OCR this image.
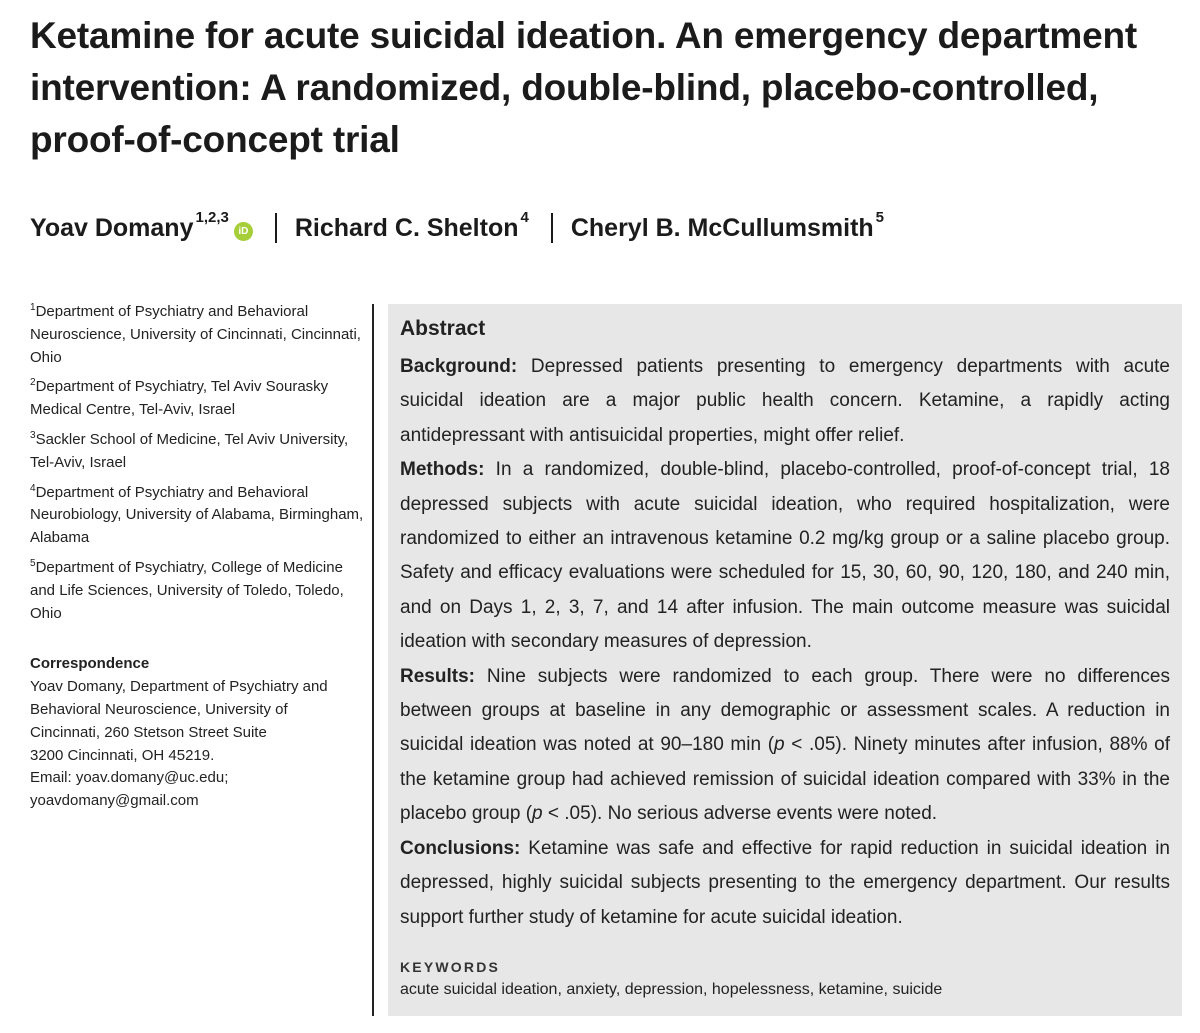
Ketamine for acute suicidal ideation. An emergency department intervention: A randomized, double-blind, placebo-controlled, proof-of-concept trial
Yoav Domany$^{1,2,3}$
iD Richard C. Shelton$^4$ Cheryl B. McCullumsmith$^5$

$^1$Department of Psychiatry and Behavioral Neuroscience, University of Cincinnati, Cincinnati, Ohio

$^2$Department of Psychiatry, Tel Aviv Sourasky Medical Centre, Tel-Aviv, Israel

$^3$Sackler School of Medicine, Tel Aviv University, Tel-Aviv, Israel

$^4$Department of Psychiatry and Behavioral Neurobiology, University of Alabama, Birmingham, Alabama

$^5$Department of Psychiatry, College of Medicine and Life Sciences, University of Toledo, Toledo, Ohio

Correspondence
Yoav Domany, Department of Psychiatry and
Behavioral Neuroscience, University of
Cincinnati, 260 Stetson Street Suite
3200 Cincinnati, OH 45219.
Email: yoav.domany@uc.edu;
yoavdomany@gmail.com
Abstract

Background: Depressed patients presenting to emergency departments with acute suicidal ideation are a major public health concern. Ketamine, a rapidly acting antidepressant with antisuicidal properties, might offer relief.

Methods: In a randomized, double-blind, placebo-controlled, proof-of-concept trial, 18 depressed subjects with acute suicidal ideation, who required hospitalization, were randomized to either an intravenous ketamine 0.2 mg/kg group or a saline placebo group. Safety and efficacy evaluations were scheduled for 15, 30, 60, 90, 120, 180, and 240 min, and on Days 1, 2, 3, 7, and 14 after infusion. The main outcome measure was suicidal ideation with secondary measures of depression.

Results: Nine subjects were randomized to each group. There were no differences between groups at baseline in any demographic or assessment scales. A reduction in suicidal ideation was noted at 90–180 min (p < .05). Ninety minutes after infusion, 88% of the ketamine group had achieved remission of suicidal ideation compared with 33% in the placebo group (p < .05). No serious adverse events were noted.

Conclusions: Ketamine was safe and effective for rapid reduction in suicidal ideation in depressed, highly suicidal subjects presenting to the emergency department. Our results support further study of ketamine for acute suicidal ideation.

KEYWORDS
acute suicidal ideation, anxiety, depression, hopelessness, ketamine, suicide
